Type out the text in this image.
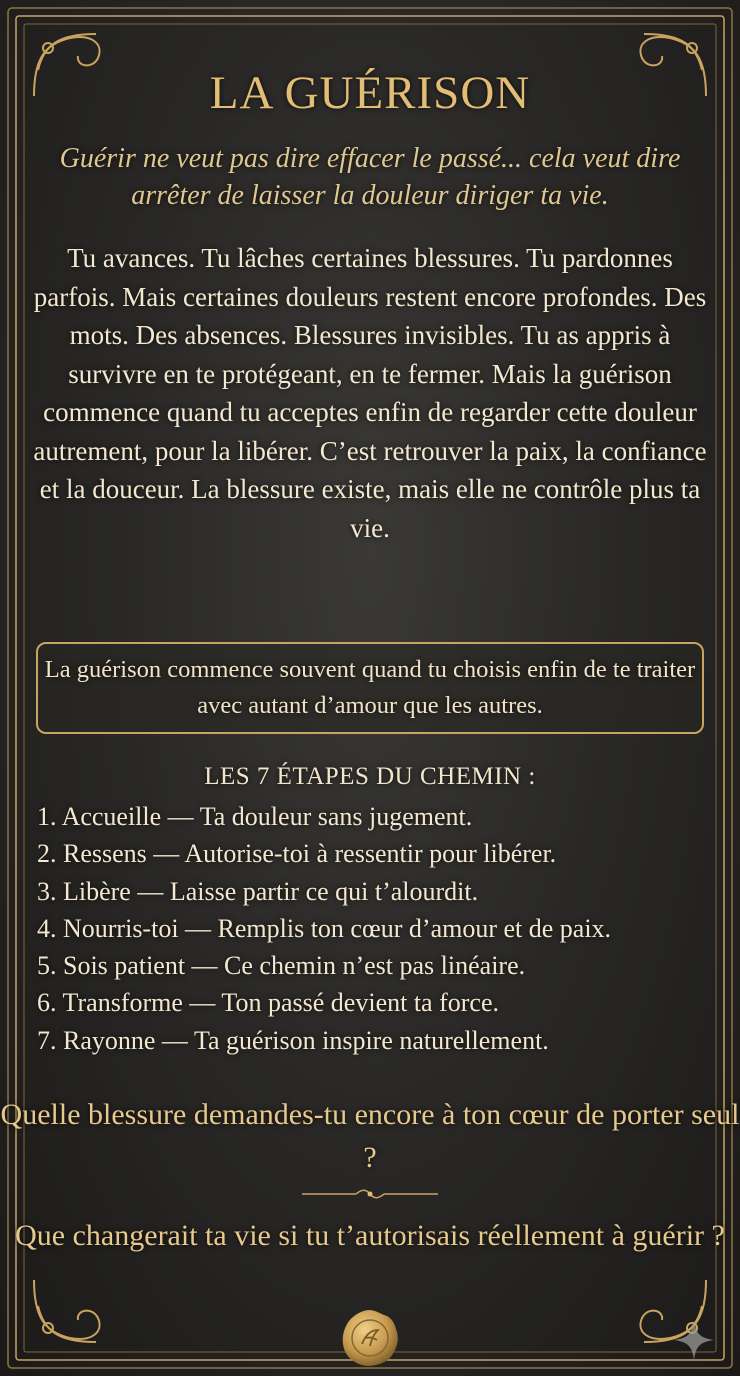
LA GUÉRISON

Guérir ne veut pas dire effacer le passé... cela veut dire arrêter de laisser la douleur diriger ta vie.

Tu avances. Tu lâches certaines blessures. Tu pardonnes parfois. Mais certaines douleurs restent encore profondes. Des mots. Des absences. Blessures invisibles. Tu as appris à survivre en te protégeant, en te fermer. Mais la guérison commence quand tu acceptes enfin de regarder cette douleur autrement, pour la libérer. C’est retrouver la paix, la confiance et la douceur. La blessure existe, mais elle ne contrôle plus ta vie.

La guérison commence souvent quand tu choisis enfin de te traiter avec autant d’amour que les autres.

LES 7 ÉTAPES DU CHEMIN :

1. Accueille — Ta douleur sans jugement.
2. Ressens — Autorise-toi à ressentir pour libérer.
3. Libère — Laisse partir ce qui t’alourdit.
4. Nourris-toi — Remplis ton cœur d’amour et de paix.
5. Sois patient — Ce chemin n’est pas linéaire.
6. Transforme — Ton passé devient ta force.
7. Rayonne — Ta guérison inspire naturellement.

Quelle blessure demandes-tu encore à ton cœur de porter seul ?

Que changerait ta vie si tu t’autorisais réellement à guérir ?
